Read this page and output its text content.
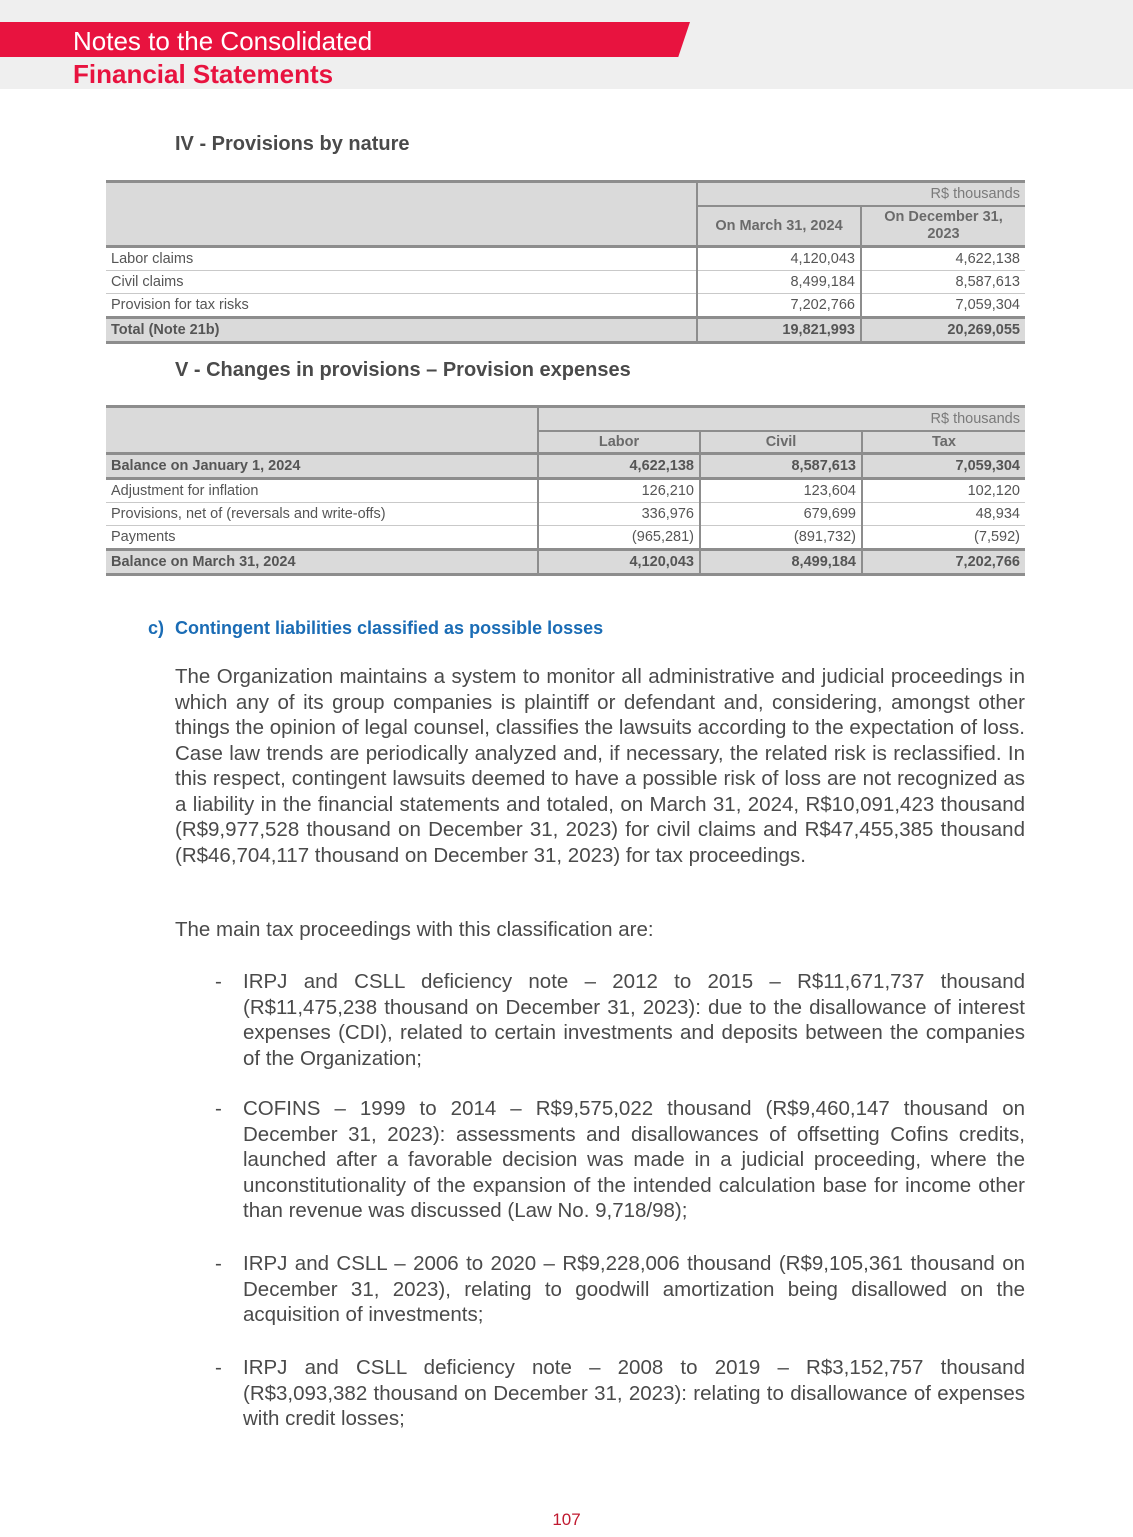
Notes to the Consolidated
Financial Statements
IV - Provisions by nature
	R$ thousands	
	On March 31, 2024	On December 31, 2023
Labor claims	4,120,043	4,622,138
Civil claims	8,499,184	8,587,613
Provision for tax risks	7,202,766	7,059,304
Total (Note 21b)	19,821,993	20,269,055
V - Changes in provisions – Provision expenses
	R$ thousands		
	Labor	Civil	Tax
Balance on January 1, 2024	4,622,138	8,587,613	7,059,304
Adjustment for inflation	126,210	123,604	102,120
Provisions, net of (reversals and write-offs)	336,976	679,699	48,934
Payments	(965,281)	(891,732)	(7,592)
Balance on March 31, 2024	4,120,043	8,499,184	7,202,766
c) Contingent liabilities classified as possible losses
The Organization maintains a system to monitor all administrative and judicial proceedings in which any of its group companies is plaintiff or defendant and, considering, amongst other things the opinion of legal counsel, classifies the lawsuits according to the expectation of loss. Case law trends are periodically analyzed and, if necessary, the related risk is reclassified. In this respect, contingent lawsuits deemed to have a possible risk of loss are not recognized as a liability in the financial statements and totaled, on March 31, 2024, R$10,091,423 thousand (R$9,977,528 thousand on December 31, 2023) for civil claims and R$47,455,385 thousand (R$46,704,117 thousand on December 31, 2023) for tax proceedings.
The main tax proceedings with this classification are:
-	IRPJ and CSLL deficiency note – 2012 to 2015 – R$11,671,737 thousand (R$11,475,238 thousand on December 31, 2023): due to the disallowance of interest expenses (CDI), related to certain investments and deposits between the companies of the Organization;
-	COFINS – 1999 to 2014 – R$9,575,022 thousand (R$9,460,147 thousand on December 31, 2023): assessments and disallowances of offsetting Cofins credits, launched after a favorable decision was made in a judicial proceeding, where the unconstitutionality of the expansion of the intended calculation base for income other than revenue was discussed (Law No. 9,718/98);
-	IRPJ and CSLL – 2006 to 2020 – R$9,228,006 thousand (R$9,105,361 thousand on December 31, 2023), relating to goodwill amortization being disallowed on the acquisition of investments;
-	IRPJ and CSLL deficiency note – 2008 to 2019 – R$3,152,757 thousand (R$3,093,382 thousand on December 31, 2023): relating to disallowance of expenses with credit losses;
107
